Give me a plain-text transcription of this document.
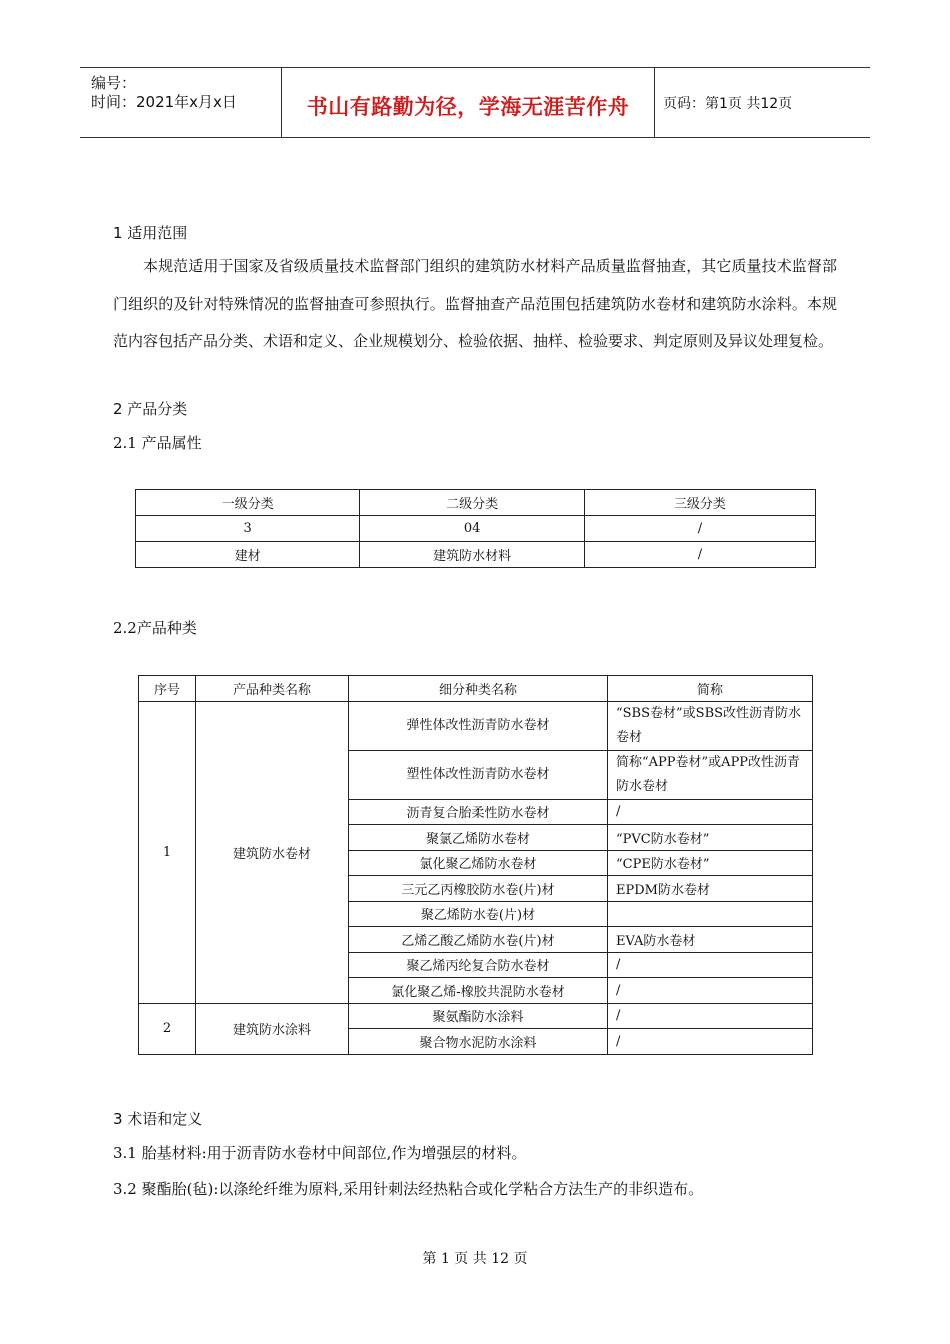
编号：
时间：2021年x月x日	书山有路勤为径，学海无涯苦作舟	页码：第1页 共12页
1 适用范围
本规范适用于国家及省级质量技术监督部门组织的建筑防水材料产品质量监督抽查，其它质量技术监督部门组织的及针对特殊情况的监督抽查可参照执行。监督抽查产品范围包括建筑防水卷材和建筑防水涂料。本规范内容包括产品分类、术语和定义、企业规模划分、检验依据、抽样、检验要求、判定原则及异议处理复检。
2 产品分类
2.1 产品属性
一级分类	二级分类	三级分类
3	04	/
建材	建筑防水材料	/
2.2产品种类
序号	产品种类名称	细分种类名称	简称
1	建筑防水卷材	弹性体改性沥青防水卷材	“SBS卷材”或SBS改性沥青防水卷材
		塑性体改性沥青防水卷材	简称“APP卷材”或APP改性沥青防水卷材
		沥青复合胎柔性防水卷材	/
		聚氯乙烯防水卷材	“PVC防水卷材”
		氯化聚乙烯防水卷材	“CPE防水卷材”
		三元乙丙橡胶防水卷(片)材	EPDM防水卷材
		聚乙烯防水卷(片)材	
		乙烯乙酸乙烯防水卷(片)材	EVA防水卷材
		聚乙烯丙纶复合防水卷材	/
		氯化聚乙烯-橡胶共混防水卷材	/
2	建筑防水涂料	聚氨酯防水涂料	/
		聚合物水泥防水涂料	/
3 术语和定义
3.1 胎基材料:用于沥青防水卷材中间部位,作为增强层的材料。
3.2 聚酯胎(毡):以涤纶纤维为原料,采用针刺法经热粘合或化学粘合方法生产的非织造布。
第 1 页 共 12 页
